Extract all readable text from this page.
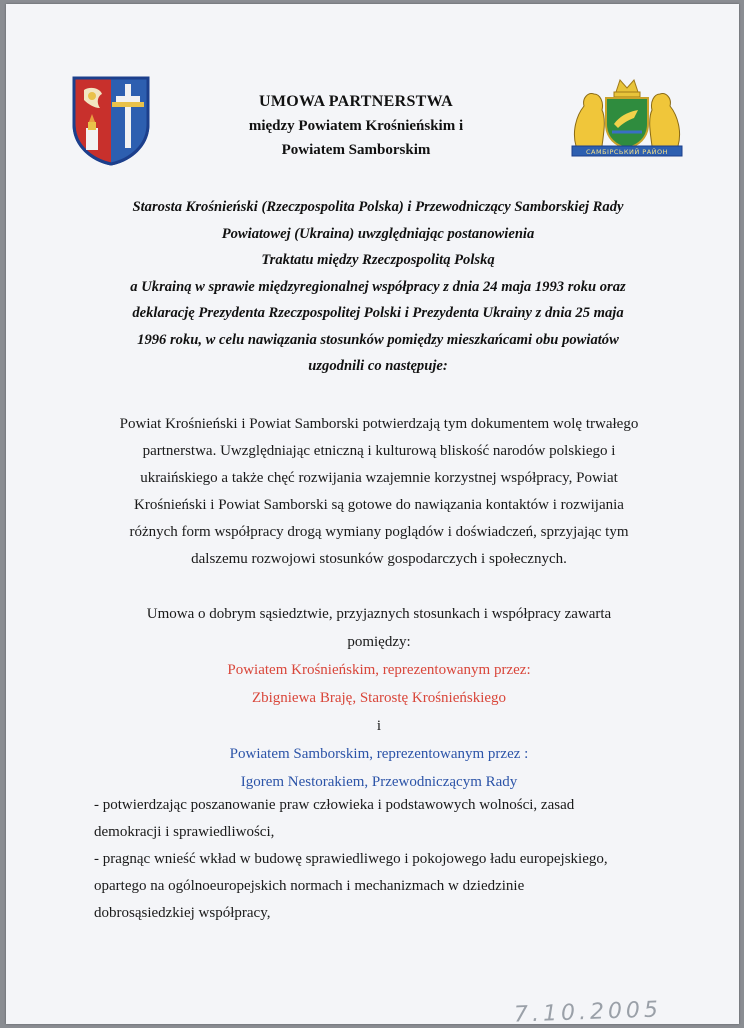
UMOWA PARTNERSTWA
między Powiatem Krośnieńskim i
Powiatem Samborskim	САМБІРСЬКИЙ РАЙОН
Starosta Krośnieński (Rzeczpospolita Polska) i Przewodniczący Samborskiej Rady
Powiatowej (Ukraina) uwzględniając postanowienia
Traktatu między Rzeczpospolitą Polską
a Ukrainą w sprawie międzyregionalnej współpracy z dnia 24 maja 1993 roku oraz
deklarację Prezydenta Rzeczpospolitej Polski i Prezydenta Ukrainy z dnia 25 maja
1996 roku, w celu nawiązania stosunków pomiędzy mieszkańcami obu powiatów
uzgodnili co następuje:
Powiat Krośnieński i Powiat Samborski potwierdzają tym dokumentem wolę trwałego
partnerstwa. Uwzględniając etniczną i kulturową bliskość narodów polskiego i
ukraińskiego a także chęć rozwijania wzajemnie korzystnej współpracy, Powiat
Krośnieński i Powiat Samborski są gotowe do nawiązania kontaktów i rozwijania
różnych form współpracy drogą wymiany poglądów i doświadczeń, sprzyjając tym
dalszemu rozwojowi stosunków gospodarczych i społecznych.
Umowa o dobrym sąsiedztwie, przyjaznych stosunkach i współpracy zawarta
pomiędzy:
Powiatem Krośnieńskim, reprezentowanym przez:
Zbigniewa Braję, Starostę Krośnieńskiego
i
Powiatem Samborskim, reprezentowanym przez :
Igorem Nestorakiem, Przewodniczącym Rady
- potwierdzając poszanowanie praw człowieka i podstawowych wolności, zasad
demokracji i sprawiedliwości,
- pragnąc wnieść wkład w budowę sprawiedliwego i pokojowego ładu europejskiego,
opartego na ogólnoeuropejskich normach i mechanizmach w dziedzinie
dobrosąsiedzkiej współpracy,
7.10.2005
